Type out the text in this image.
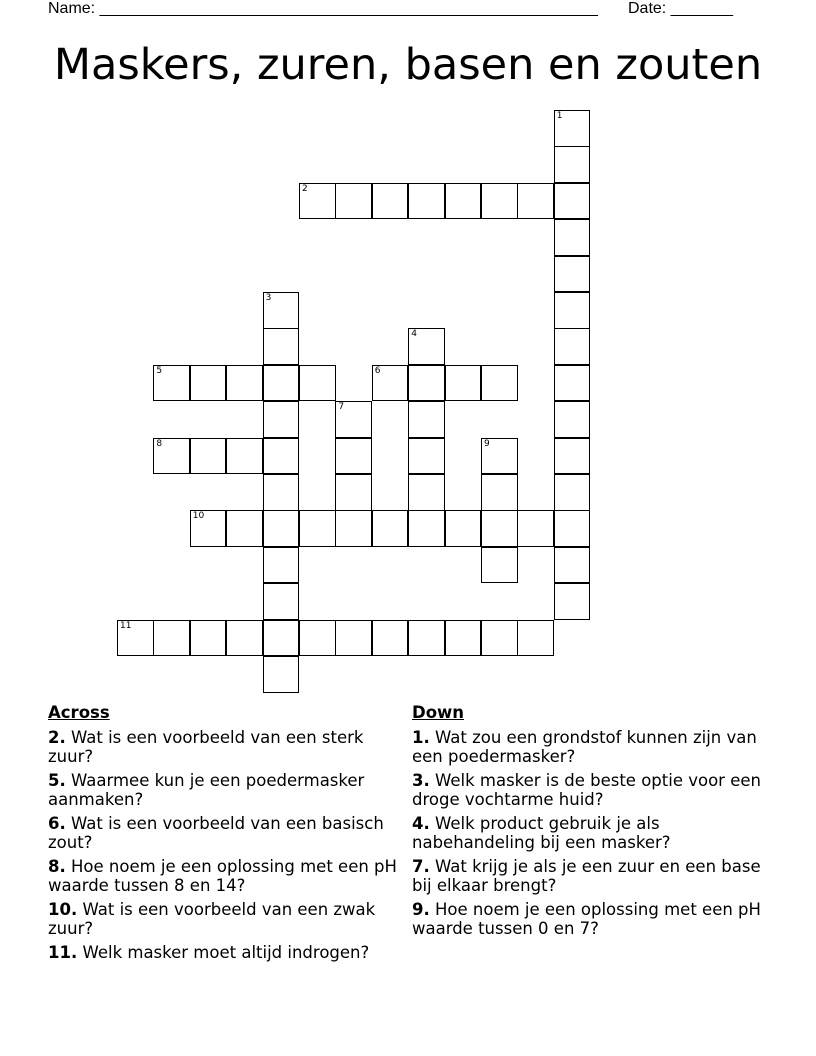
Name: ________________________________________________________ Date: _______
Maskers, zuren, basen en zouten
1
2
3
4
5	6
7
8	9
10
11
Across
2. Wat is een voorbeeld van een sterk zuur?
5. Waarmee kun je een poedermasker aanmaken?
6. Wat is een voorbeeld van een basisch zout?
8. Hoe noem je een oplossing met een pH waarde tussen 8 en 14?
10. Wat is een voorbeeld van een zwak zuur?
11. Welk masker moet altijd indrogen?
Down
1. Wat zou een grondstof kunnen zijn van een poedermasker?
3. Welk masker is de beste optie voor een droge vochtarme huid?
4. Welk product gebruik je als nabehandeling bij een masker?
7. Wat krijg je als je een zuur en een base bij elkaar brengt?
9. Hoe noem je een oplossing met een pH waarde tussen 0 en 7?
